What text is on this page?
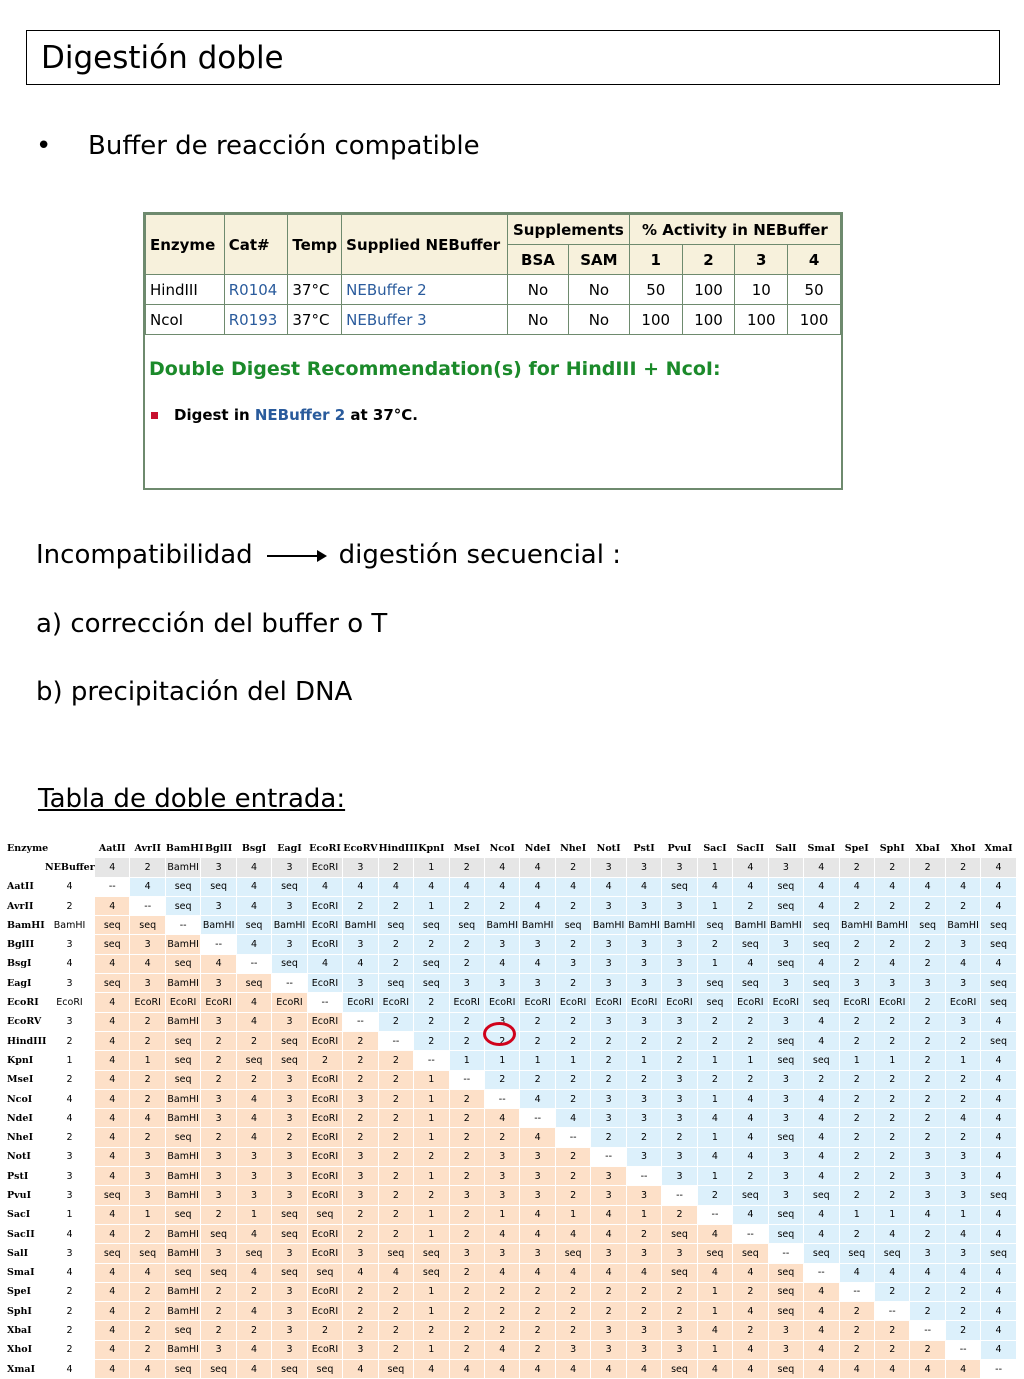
Digestión doble
• Buffer de reacción compatible
Enzyme	Cat#	Temp	Supplied NEBuffer	Supplements		% Activity in NEBuffer			
				BSA	SAM	1	2	3	4
HindIII	R0104	37°C	NEBuffer 2	No	No	50	100	10	50
NcoI	R0193	37°C	NEBuffer 3	No	No	100	100	100	100
Double Digest Recommendation(s) for HindIII + NcoI:
Digest in NEBuffer 2 at 37°C.
Incompatibilidad	digestión secuencial :
a) corrección del buffer o T
b) precipitación del DNA
Tabla de doble entrada:
Enzyme		AatII	AvrII	BamHI	BglII	BsgI	EagI	EcoRI	EcoRV	HindIII	KpnI	MseI	NcoI	NdeI	NheI	NotI	PstI	PvuI	SacI	SacII	SalI	SmaI	SpeI	SphI	XbaI	XhoI	XmaI
	NEBuffer	4	2	BamHI	3	4	3	EcoRI	3	2	1	2	4	4	2	3	3	3	1	4	3	4	2	2	2	2	4
AatII	4	--	4	seq	seq	4	seq	4	4	4	4	4	4	4	4	4	4	seq	4	4	seq	4	4	4	4	4	4
AvrII	2	4	--	seq	3	4	3	EcoRI	2	2	1	2	2	4	2	3	3	3	1	2	seq	4	2	2	2	2	4
BamHI	BamHI	seq	seq	--	BamHI	seq	BamHI	EcoRI	BamHI	seq	seq	seq	BamHI	BamHI	seq	BamHI	BamHI	BamHI	seq	BamHI	BamHI	seq	BamHI	BamHI	seq	BamHI	seq
BglII	3	seq	3	BamHI	--	4	3	EcoRI	3	2	2	2	3	3	2	3	3	3	2	seq	3	seq	2	2	2	3	seq
BsgI	4	4	4	seq	4	--	seq	4	4	2	seq	2	4	4	3	3	3	3	1	4	seq	4	2	4	2	4	4
EagI	3	seq	3	BamHI	3	seq	--	EcoRI	3	seq	seq	3	3	3	2	3	3	3	seq	seq	3	seq	3	3	3	3	seq
EcoRI	EcoRI	4	EcoRI	EcoRI	EcoRI	4	EcoRI	--	EcoRI	EcoRI	2	EcoRI	EcoRI	EcoRI	EcoRI	EcoRI	EcoRI	EcoRI	seq	EcoRI	EcoRI	seq	EcoRI	EcoRI	2	EcoRI	seq
EcoRV	3	4	2	BamHI	3	4	3	EcoRI	--	2	2	2	3	2	2	3	3	3	2	2	3	4	2	2	2	3	4
HindIII	2	4	2	seq	2	2	seq	EcoRI	2	--	2	2	2	2	2	2	2	2	2	2	seq	4	2	2	2	2	seq
KpnI	1	4	1	seq	2	seq	seq	2	2	2	--	1	1	1	1	2	1	2	1	1	seq	seq	1	1	2	1	4
MseI	2	4	2	seq	2	2	3	EcoRI	2	2	1	--	2	2	2	2	2	3	2	2	3	2	2	2	2	2	4
NcoI	4	4	2	BamHI	3	4	3	EcoRI	3	2	1	2	--	4	2	3	3	3	1	4	3	4	2	2	2	2	4
NdeI	4	4	4	BamHI	3	4	3	EcoRI	2	2	1	2	4	--	4	3	3	3	4	4	3	4	2	2	2	4	4
NheI	2	4	2	seq	2	4	2	EcoRI	2	2	1	2	2	4	--	2	2	2	1	4	seq	4	2	2	2	2	4
NotI	3	4	3	BamHI	3	3	3	EcoRI	3	2	2	2	3	3	2	--	3	3	4	4	3	4	2	2	3	3	4
PstI	3	4	3	BamHI	3	3	3	EcoRI	3	2	1	2	3	3	2	3	--	3	1	2	3	4	2	2	3	3	4
PvuI	3	seq	3	BamHI	3	3	3	EcoRI	3	2	2	3	3	3	2	3	3	--	2	seq	3	seq	2	2	3	3	seq
SacI	1	4	1	seq	2	1	seq	seq	2	2	1	2	1	4	1	4	1	2	--	4	seq	4	1	1	4	1	4
SacII	4	4	2	BamHI	seq	4	seq	EcoRI	2	2	1	2	4	4	4	4	2	seq	4	--	seq	4	2	4	2	4	4
SalI	3	seq	seq	BamHI	3	seq	3	EcoRI	3	seq	seq	3	3	3	seq	3	3	3	seq	seq	--	seq	seq	seq	3	3	seq
SmaI	4	4	4	seq	seq	4	seq	seq	4	4	seq	2	4	4	4	4	4	seq	4	4	seq	--	4	4	4	4	4
SpeI	2	4	2	BamHI	2	2	3	EcoRI	2	2	1	2	2	2	2	2	2	2	1	2	seq	4	--	2	2	2	4
SphI	2	4	2	BamHI	2	4	3	EcoRI	2	2	1	2	2	2	2	2	2	2	1	4	seq	4	2	--	2	2	4
XbaI	2	4	2	seq	2	2	3	2	2	2	2	2	2	2	2	3	3	3	4	2	3	4	2	2	--	2	4
XhoI	2	4	2	BamHI	3	4	3	EcoRI	3	2	1	2	4	2	3	3	3	3	1	4	3	4	2	2	2	--	4
XmaI	4	4	4	seq	seq	4	seq	seq	4	seq	4	4	4	4	4	4	4	seq	4	4	seq	4	4	4	4	4	--
